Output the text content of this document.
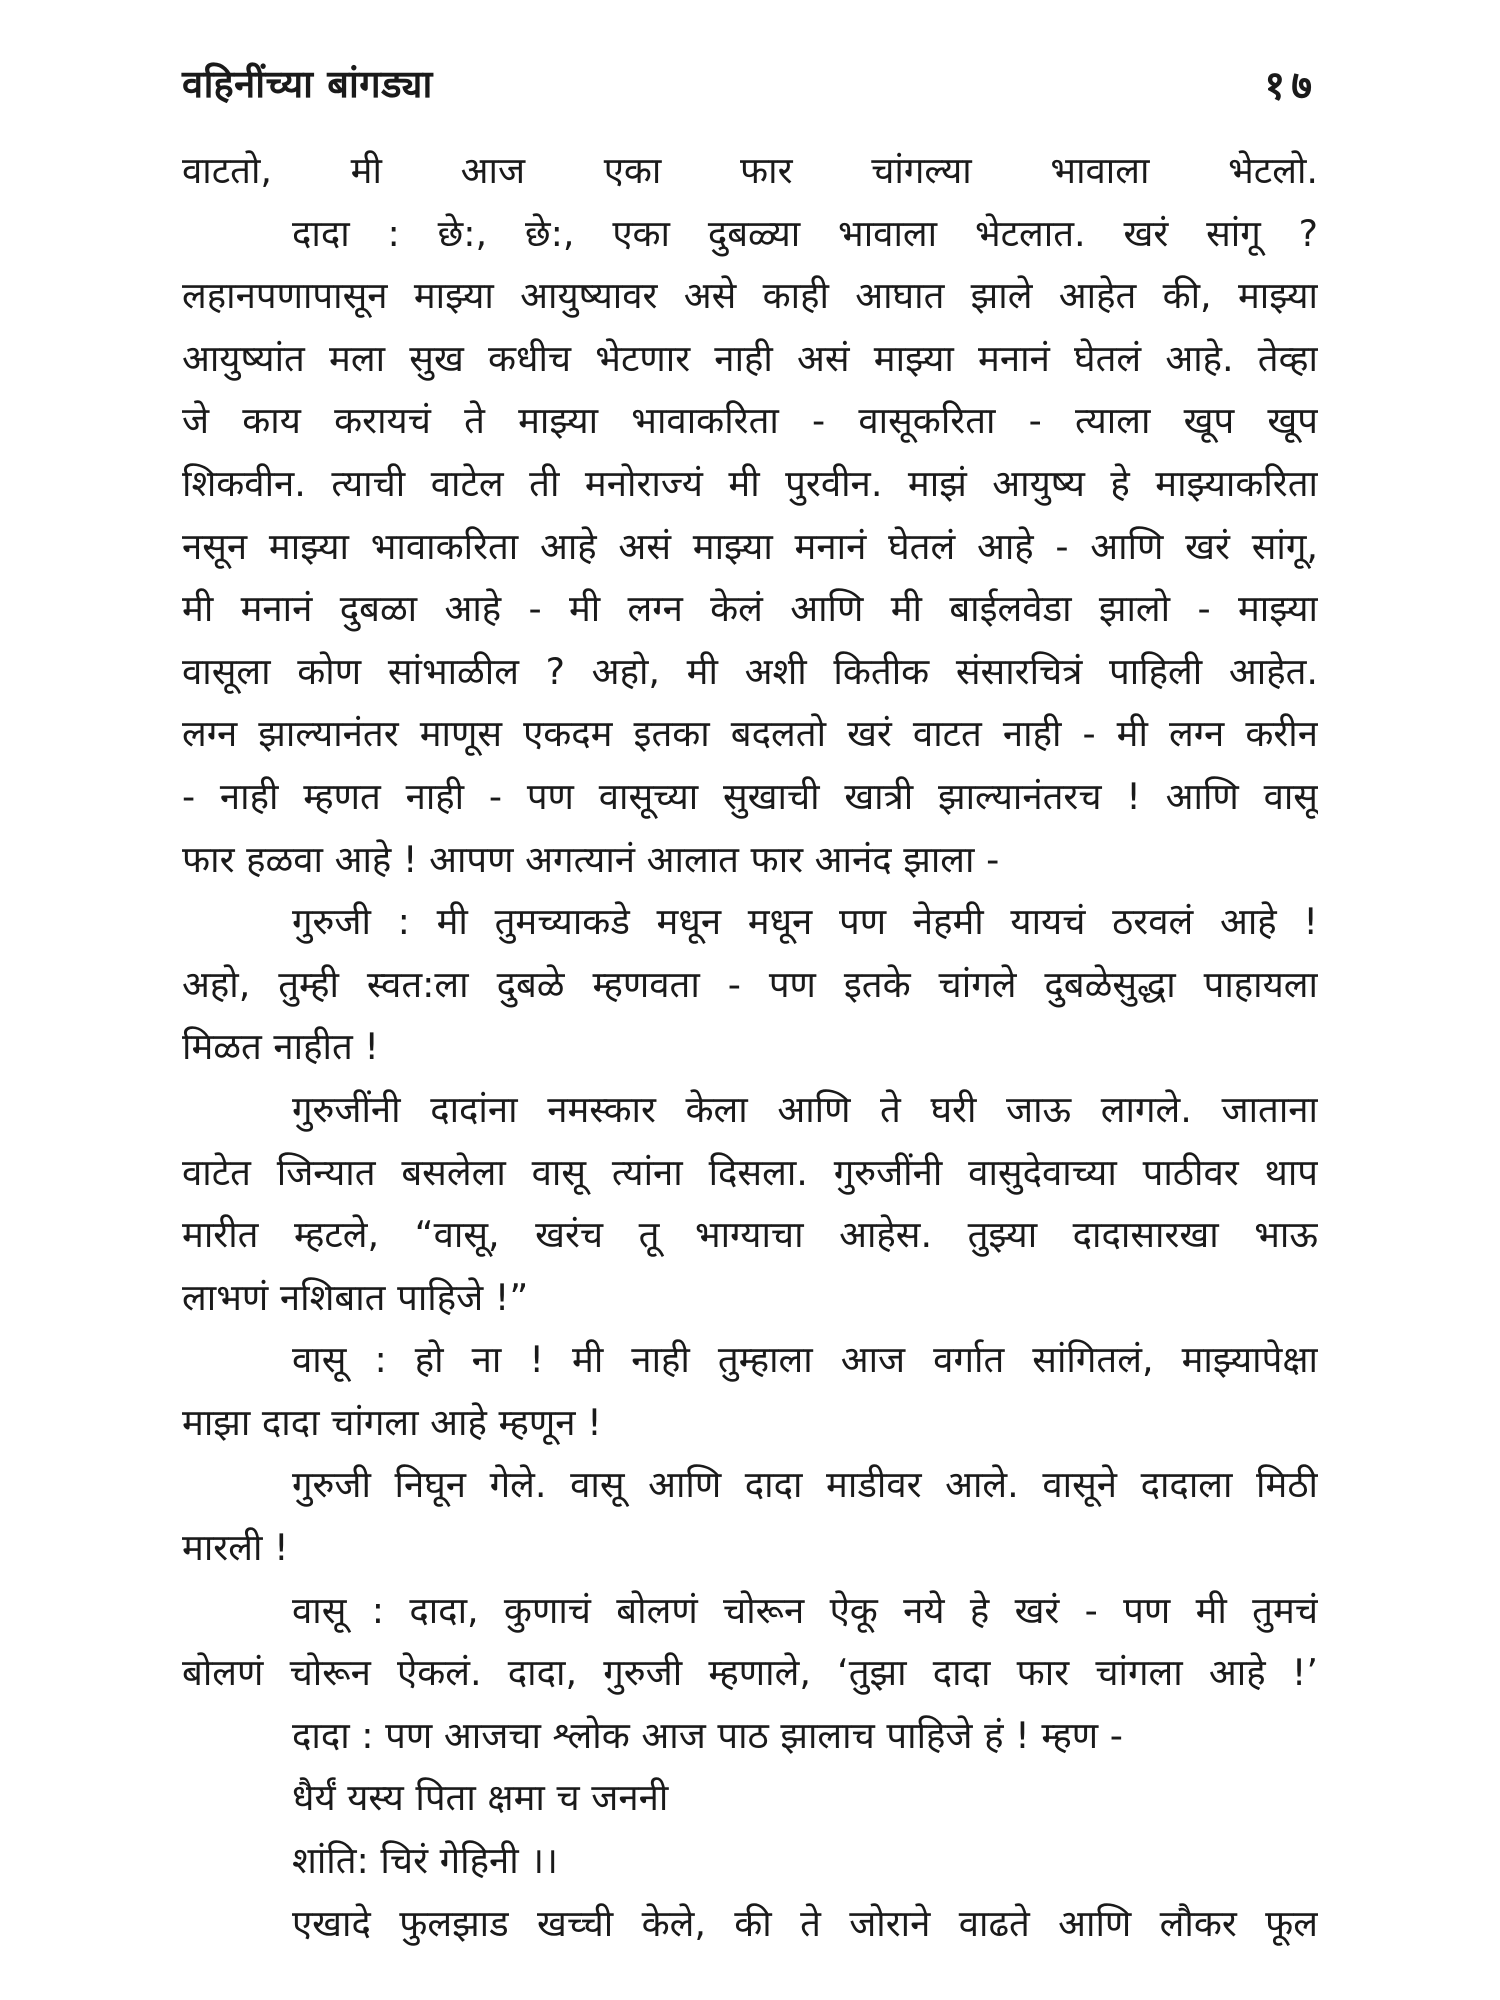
वहिनींच्या बांगड्या	१७
वाटतो, मी आज एका फार चांगल्या भावाला भेटलो.
दादा : छे:, छे:, एका दुबळ्या भावाला भेटलात. खरं सांगू ?
लहानपणापासून माझ्या आयुष्यावर असे काही आघात झाले आहेत की, माझ्या
आयुष्यांत मला सुख कधीच भेटणार नाही असं माझ्या मनानं घेतलं आहे. तेव्हा
जे काय करायचं ते माझ्या भावाकरिता - वासूकरिता - त्याला खूप खूप
शिकवीन. त्याची वाटेल ती मनोराज्यं मी पुरवीन. माझं आयुष्य हे माझ्याकरिता
नसून माझ्या भावाकरिता आहे असं माझ्या मनानं घेतलं आहे - आणि खरं सांगू,
मी मनानं दुबळा आहे - मी लग्न केलं आणि मी बाईलवेडा झालो - माझ्या
वासूला कोण सांभाळील ? अहो, मी अशी कितीक संसारचित्रं पाहिली आहेत.
लग्न झाल्यानंतर माणूस एकदम इतका बदलतो खरं वाटत नाही - मी लग्न करीन
- नाही म्हणत नाही - पण वासूच्या सुखाची खात्री झाल्यानंतरच ! आणि वासू
फार हळवा आहे ! आपण अगत्यानं आलात फार आनंद झाला -
गुरुजी : मी तुमच्याकडे मधून मधून पण नेहमी यायचं ठरवलं आहे !
अहो, तुम्ही स्वत:ला दुबळे म्हणवता - पण इतके चांगले दुबळेसुद्धा पाहायला
मिळत नाहीत !
गुरुजींनी दादांना नमस्कार केला आणि ते घरी जाऊ लागले. जाताना
वाटेत जिन्यात बसलेला वासू त्यांना दिसला. गुरुजींनी वासुदेवाच्या पाठीवर थाप
मारीत म्हटले, “वासू, खरंच तू भाग्याचा आहेस. तुझ्या दादासारखा भाऊ
लाभणं नशिबात पाहिजे !”
वासू : हो ना ! मी नाही तुम्हाला आज वर्गात सांगितलं, माझ्यापेक्षा
माझा दादा चांगला आहे म्हणून !
गुरुजी निघून गेले. वासू आणि दादा माडीवर आले. वासूने दादाला मिठी
मारली !
वासू : दादा, कुणाचं बोलणं चोरून ऐकू नये हे खरं - पण मी तुमचं
बोलणं चोरून ऐकलं. दादा, गुरुजी म्हणाले, ‘तुझा दादा फार चांगला आहे !’
दादा : पण आजचा श्लोक आज पाठ झालाच पाहिजे हं ! म्हण -
धैर्यं यस्य पिता क्षमा च जननी
शांति: चिरं गेहिनी ।।
एखादे फुलझाड खच्ची केले, की ते जोराने वाढते आणि लौकर फूल
